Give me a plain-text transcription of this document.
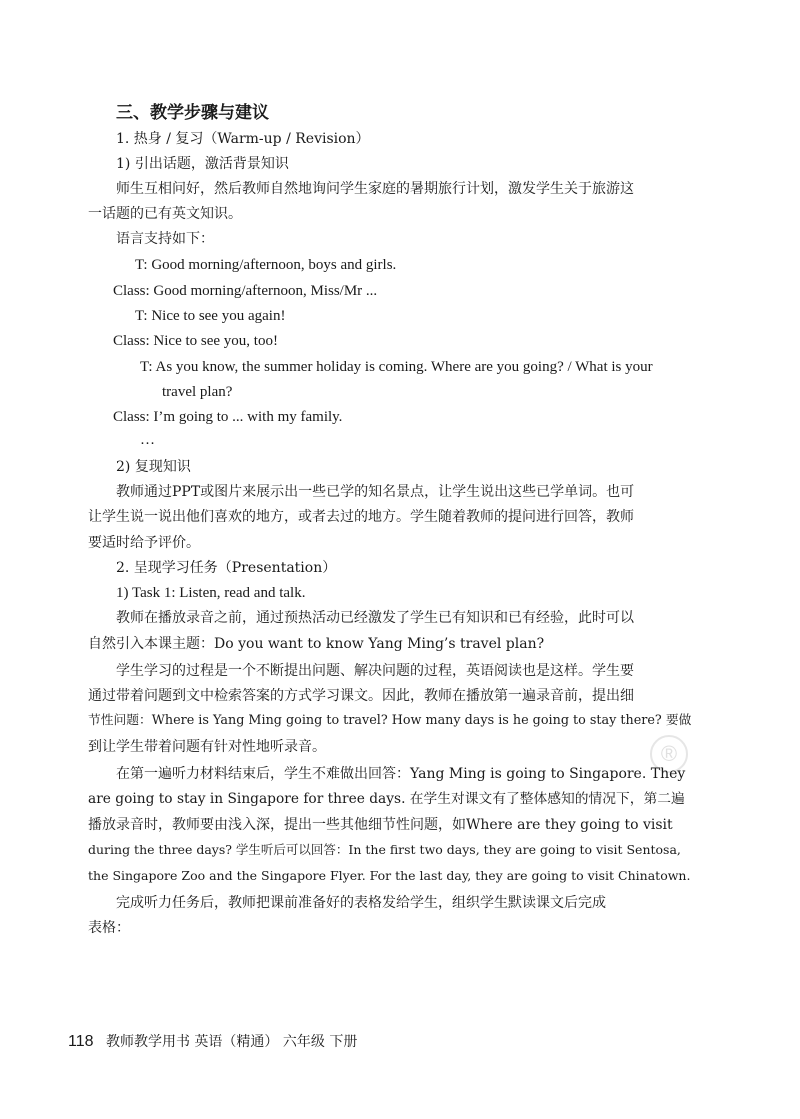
三、教学步骤与建议
1. 热身 / 复习（Warm-up / Revision）
1) 引出话题，激活背景知识
师生互相问好，然后教师自然地询问学生家庭的暑期旅行计划，激发学生关于旅游这
一话题的已有英文知识。
语言支持如下：
T: Good morning/afternoon, boys and girls.
Class: Good morning/afternoon, Miss/Mr ...
T: Nice to see you again!
Class: Nice to see you, too!
T: As you know, the summer holiday is coming. Where are you going? / What is your
travel plan?
Class: I’m going to ... with my family.
…
2) 复现知识
教师通过PPT或图片来展示出一些已学的知名景点，让学生说出这些已学单词。也可
让学生说一说出他们喜欢的地方，或者去过的地方。学生随着教师的提问进行回答，教师
要适时给予评价。
2. 呈现学习任务（Presentation）
1) Task 1: Listen, read and talk.
教师在播放录音之前，通过预热活动已经激发了学生已有知识和已有经验，此时可以
自然引入本课主题：Do you want to know Yang Ming’s travel plan?
学生学习的过程是一个不断提出问题、解决问题的过程，英语阅读也是这样。学生要
通过带着问题到文中检索答案的方式学习课文。因此，教师在播放第一遍录音前，提出细
节性问题：Where is Yang Ming going to travel? How many days is he going to stay there? 要做
到让学生带着问题有针对性地听录音。	®
在第一遍听力材料结束后，学生不难做出回答：Yang Ming is going to Singapore. They
are going to stay in Singapore for three days. 在学生对课文有了整体感知的情况下，第二遍
播放录音时，教师要由浅入深，提出一些其他细节性问题，如Where are they going to visit
during the three days? 学生听后可以回答：In the first two days, they are going to visit Sentosa,
the Singapore Zoo and the Singapore Flyer. For the last day, they are going to visit Chinatown.
完成听力任务后，教师把课前准备好的表格发给学生，组织学生默读课文后完成
表格：
118 教师教学用书 英语（精通） 六年级 下册
